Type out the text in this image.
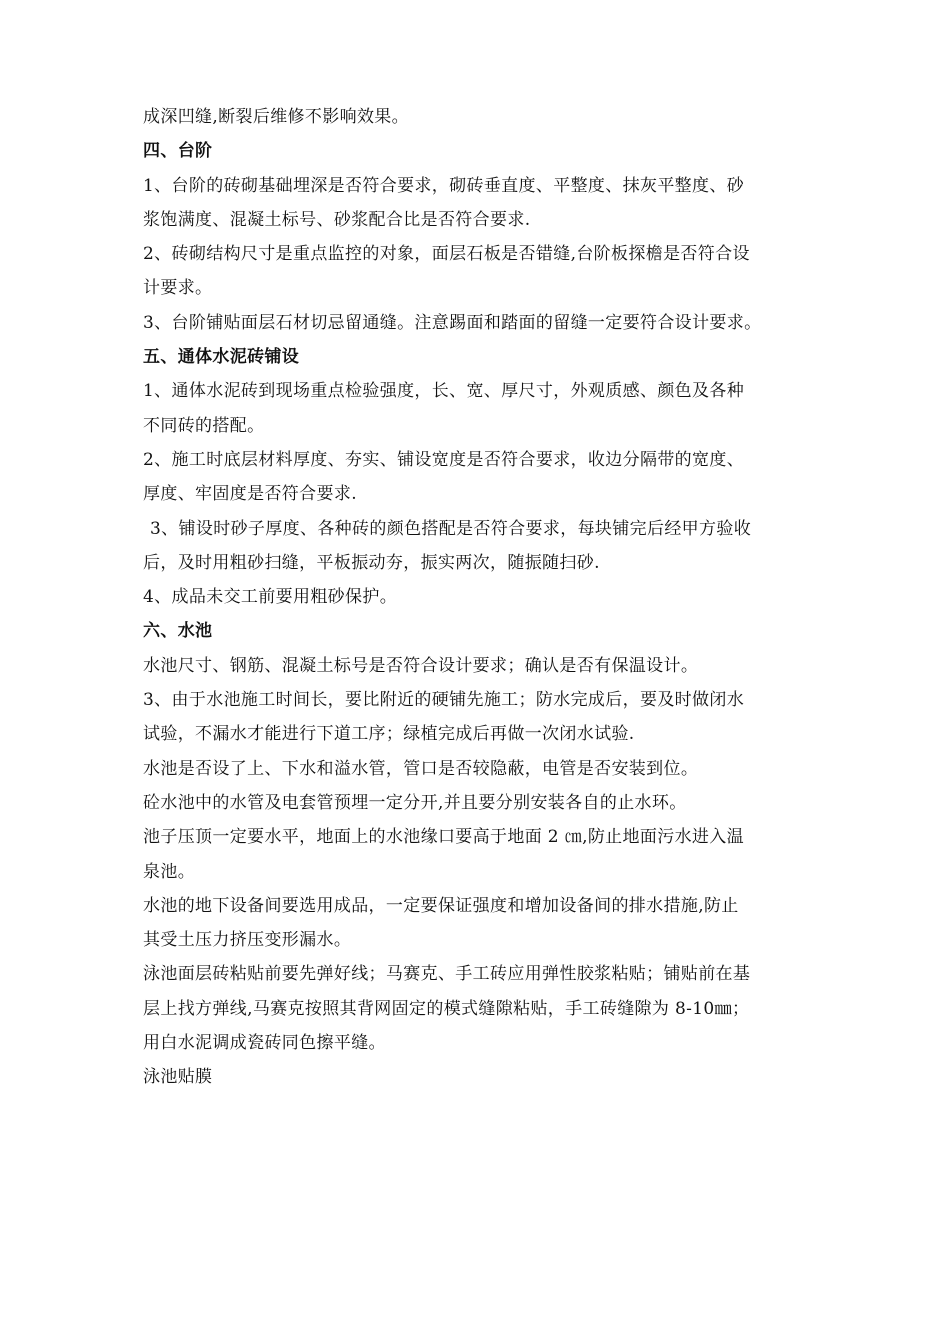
成深凹缝,断裂后维修不影响效果。
四、台阶
1、台阶的砖砌基础埋深是否符合要求，砌砖垂直度、平整度、抹灰平整度、砂
浆饱满度、混凝土标号、砂浆配合比是否符合要求.
2、砖砌结构尺寸是重点监控的对象，面层石板是否错缝,台阶板探檐是否符合设
计要求。
3、台阶铺贴面层石材切忌留通缝。注意踢面和踏面的留缝一定要符合设计要求。
五、通体水泥砖铺设
1、通体水泥砖到现场重点检验强度，长、宽、厚尺寸，外观质感、颜色及各种
不同砖的搭配。
2、施工时底层材料厚度、夯实、铺设宽度是否符合要求，收边分隔带的宽度、
厚度、牢固度是否符合要求.
3、铺设时砂子厚度、各种砖的颜色搭配是否符合要求，每块铺完后经甲方验收
后，及时用粗砂扫缝，平板振动夯，振实两次，随振随扫砂.
4、成品未交工前要用粗砂保护。
六、水池
水池尺寸、钢筋、混凝土标号是否符合设计要求；确认是否有保温设计。
3、由于水池施工时间长，要比附近的硬铺先施工；防水完成后，要及时做闭水
试验，不漏水才能进行下道工序；绿植完成后再做一次闭水试验.
水池是否设了上、下水和溢水管，管口是否较隐蔽，电管是否安装到位。
砼水池中的水管及电套管预埋一定分开,并且要分别安装各自的止水环。
池子压顶一定要水平，地面上的水池缘口要高于地面 2 ㎝,防止地面污水进入温
泉池。
水池的地下设备间要选用成品，一定要保证强度和增加设备间的排水措施,防止
其受土压力挤压变形漏水。
泳池面层砖粘贴前要先弹好线；马赛克、手工砖应用弹性胶浆粘贴；铺贴前在基
层上找方弹线,马赛克按照其背网固定的模式缝隙粘贴，手工砖缝隙为 8-10㎜；
用白水泥调成瓷砖同色擦平缝。
泳池贴膜
